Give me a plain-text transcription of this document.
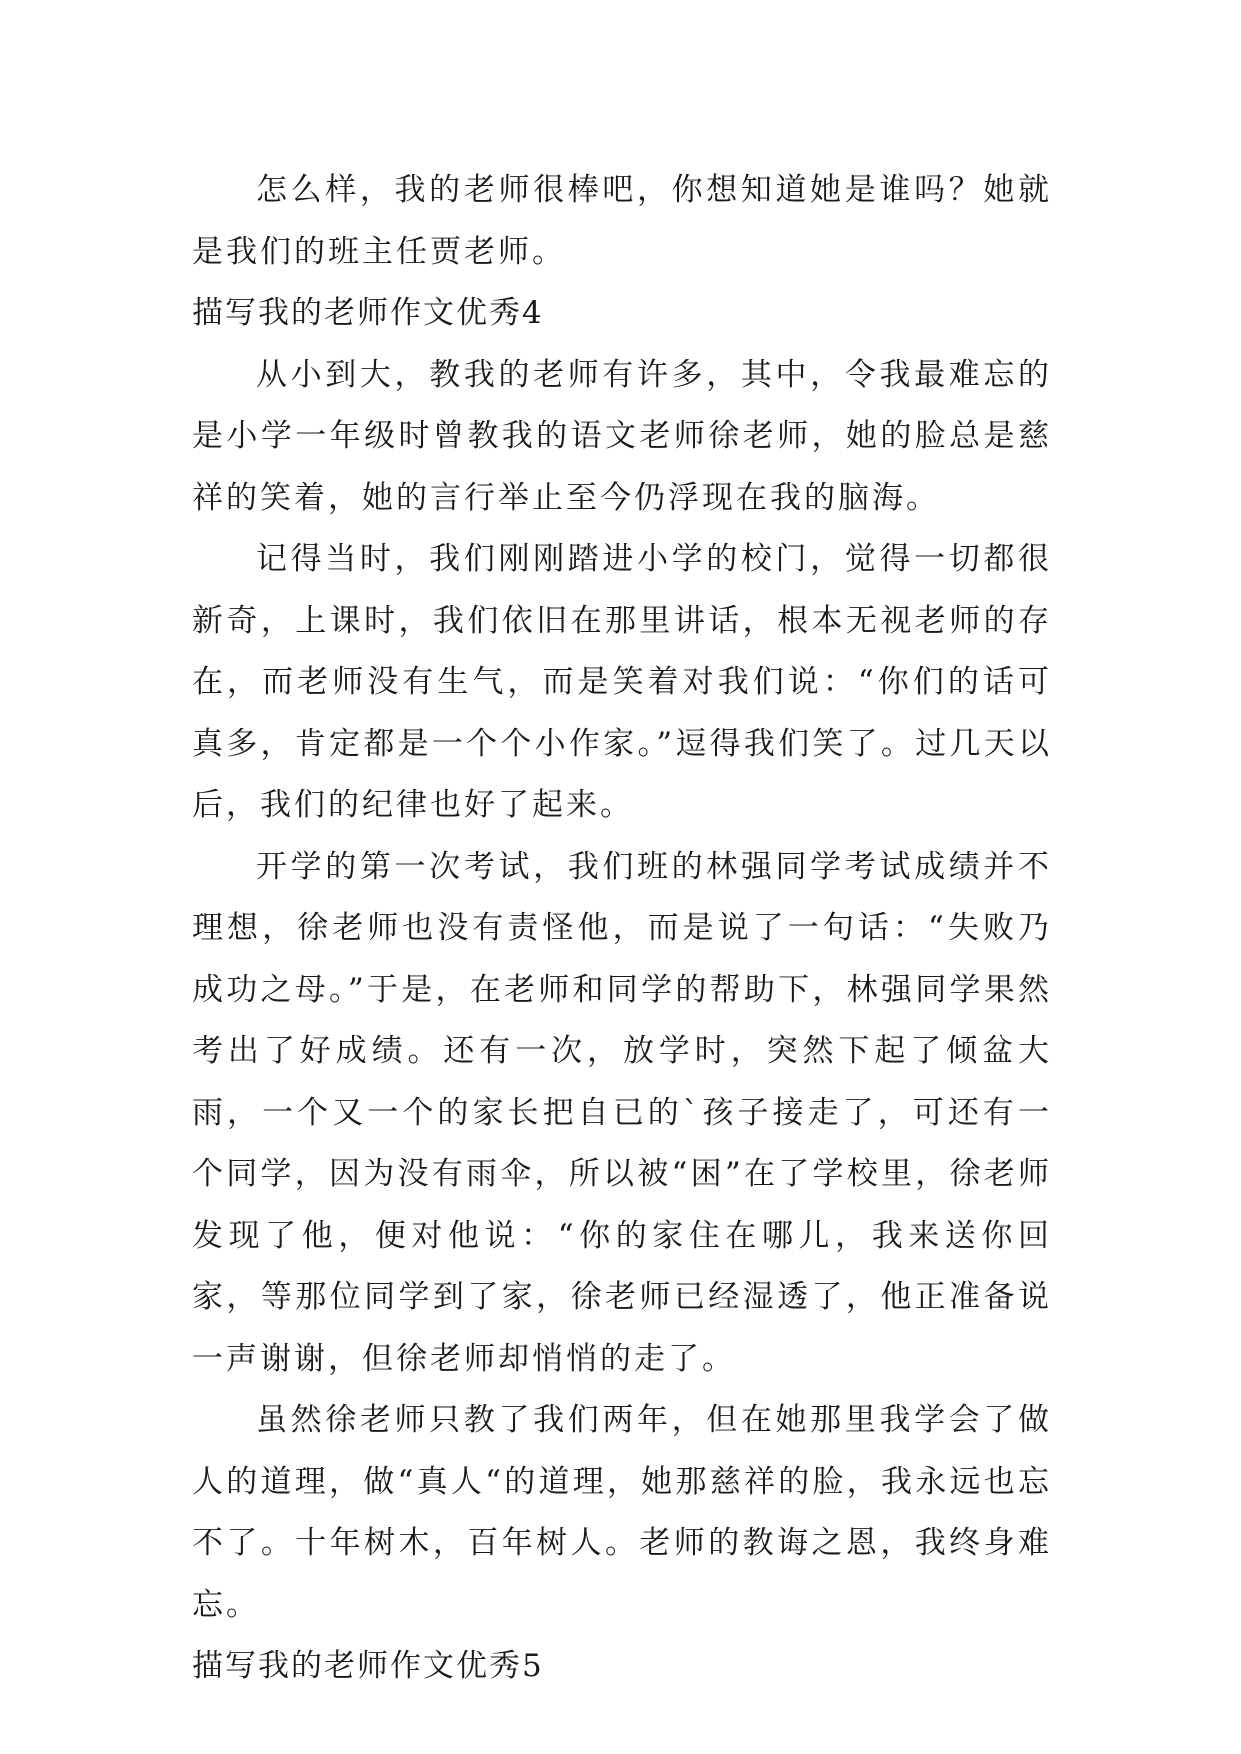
怎么样，我的老师很棒吧，你想知道她是谁吗？她就是我们的班主任贾老师。

描写我的老师作文优秀4

从小到大，教我的老师有许多，其中，令我最难忘的是小学一年级时曾教我的语文老师徐老师，她的脸总是慈祥的笑着，她的言行举止至今仍浮现在我的脑海。

记得当时，我们刚刚踏进小学的校门，觉得一切都很新奇，上课时，我们依旧在那里讲话，根本无视老师的存在，而老师没有生气，而是笑着对我们说：“你们的话可真多，肯定都是一个个小作家。”逗得我们笑了。过几天以后，我们的纪律也好了起来。

开学的第一次考试，我们班的林强同学考试成绩并不理想，徐老师也没有责怪他，而是说了一句话：“失败乃成功之母。”于是，在老师和同学的帮助下，林强同学果然考出了好成绩。还有一次，放学时，突然下起了倾盆大雨，一个又一个的家长把自已的`孩子接走了，可还有一个同学，因为没有雨伞，所以被“困”在了学校里，徐老师发现了他，便对他说：“你的家住在哪儿，我来送你回家，等那位同学到了家，徐老师已经湿透了，他正准备说一声谢谢，但徐老师却悄悄的走了。

虽然徐老师只教了我们两年，但在她那里我学会了做人的道理，做“真人“的道理，她那慈祥的脸，我永远也忘不了。十年树木，百年树人。老师的教诲之恩，我终身难忘。

描写我的老师作文优秀5
